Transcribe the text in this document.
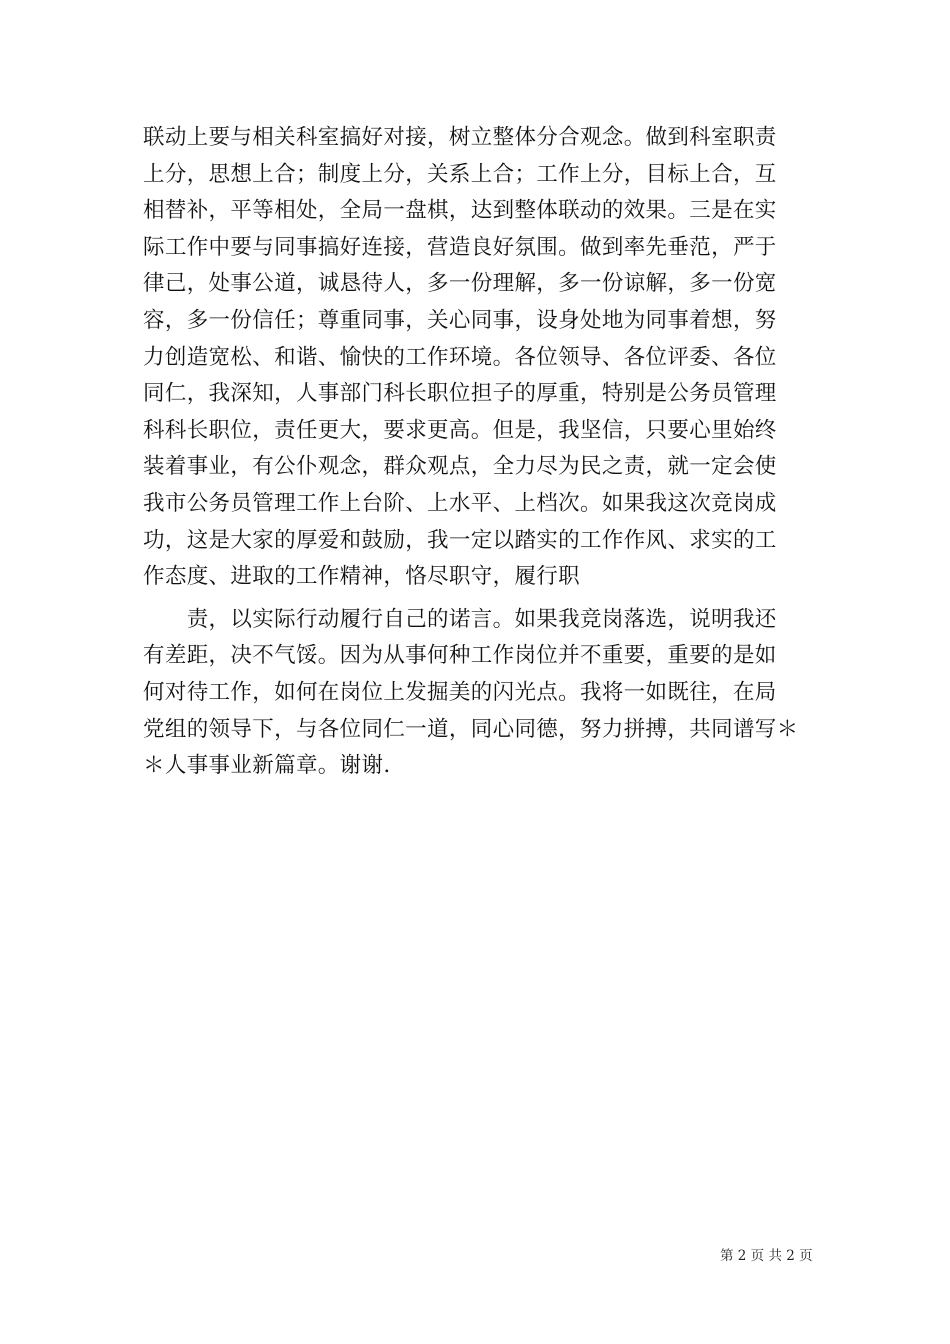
联动上要与相关科室搞好对接，树立整体分合观念。做到科室职责
上分，思想上合；制度上分，关系上合；工作上分，目标上合，互
相替补，平等相处，全局一盘棋，达到整体联动的效果。三是在实
际工作中要与同事搞好连接，营造良好氛围。做到率先垂范，严于
律己，处事公道，诚恳待人，多一份理解，多一份谅解，多一份宽
容，多一份信任；尊重同事，关心同事，设身处地为同事着想，努
力创造宽松、和谐、愉快的工作环境。各位领导、各位评委、各位
同仁，我深知，人事部门科长职位担子的厚重，特别是公务员管理
科科长职位，责任更大，要求更高。但是，我坚信，只要心里始终
装着事业，有公仆观念，群众观点，全力尽为民之责，就一定会使
我市公务员管理工作上台阶、上水平、上档次。如果我这次竞岗成
功，这是大家的厚爱和鼓励，我一定以踏实的工作作风、求实的工
作态度、进取的工作精神，恪尽职守，履行职
　　责，以实际行动履行自己的诺言。如果我竞岗落选，说明我还
有差距，决不气馁。因为从事何种工作岗位并不重要，重要的是如
何对待工作，如何在岗位上发掘美的闪光点。我将一如既往，在局
党组的领导下，与各位同仁一道，同心同德，努力拼搏，共同谱写＊
＊人事事业新篇章。谢谢.
第 2 页 共 2 页
